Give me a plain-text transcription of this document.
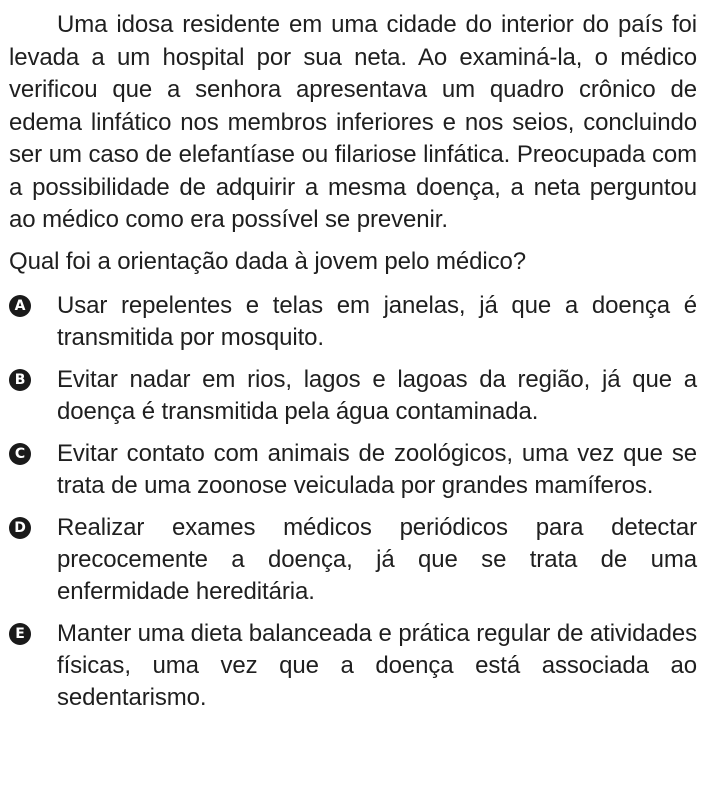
Uma idosa residente em uma cidade do interior do país foi levada a um hospital por sua neta. Ao examiná-la, o médico verificou que a senhora apresentava um quadro crônico de edema linfático nos membros inferiores e nos seios, concluindo ser um caso de elefantíase ou filariose linfática. Preocupada com a possibilidade de adquirir a mesma doença, a neta perguntou ao médico como era possível se prevenir.

Qual foi a orientação dada à jovem pelo médico?

A Usar repelentes e telas em janelas, já que a doença é transmitida por mosquito.
B Evitar nadar em rios, lagos e lagoas da região, já que a doença é transmitida pela água contaminada.
C Evitar contato com animais de zoológicos, uma vez que se trata de uma zoonose veiculada por grandes mamíferos.
D Realizar exames médicos periódicos para detectar precocemente a doença, já que se trata de uma enfermidade hereditária.
E Manter uma dieta balanceada e prática regular de atividades físicas, uma vez que a doença está associada ao sedentarismo.
